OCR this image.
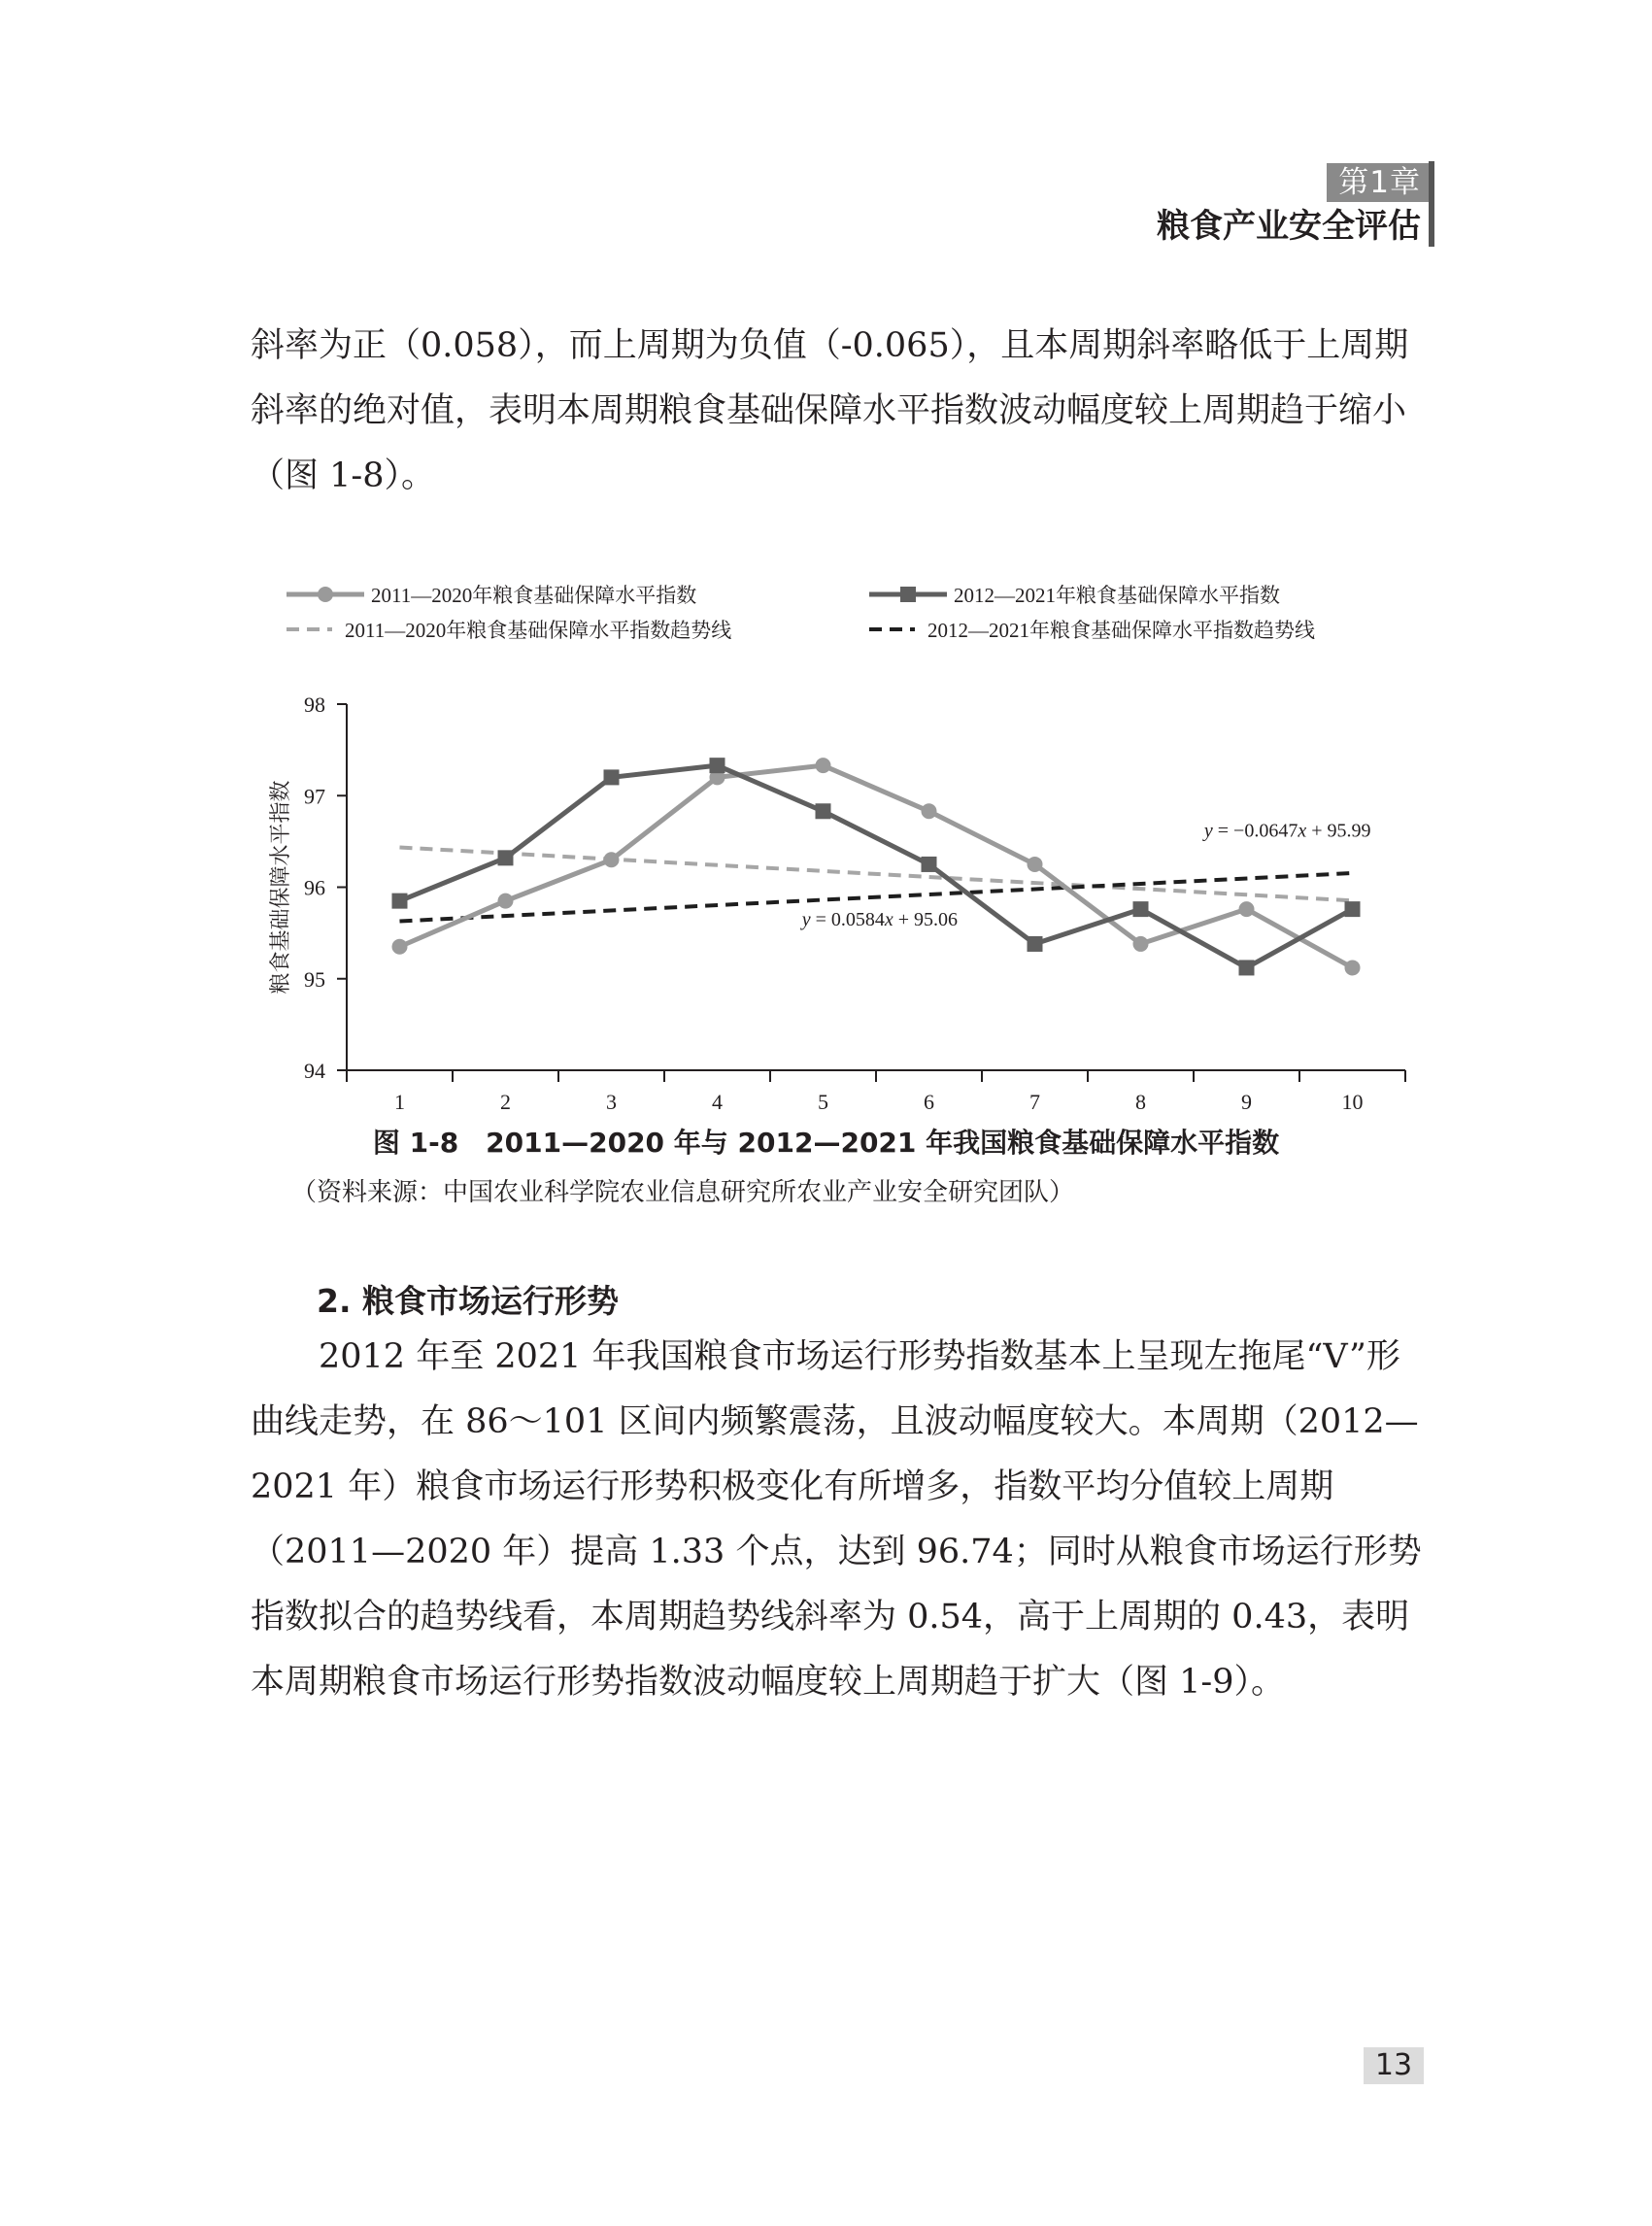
第1章
粮食产业安全评估

斜率为正（0.058），而上周期为负值（-0.065），且本周期斜率略低于上周期斜率的绝对值，表明本周期粮食基础保障水平指数波动幅度较上周期趋于缩小（图 1-8）。

94
95
96
97
98
1	2	3	4	5	6	7	8	9	10
粮食基础保障水平指数	y = −0.0647x + 95.99
y = 0.0584x + 95.06
2011—2020年粮食基础保障水平指数	2012—2021年粮食基础保障水平指数
2011—2020年粮食基础保障水平指数趋势线	2012—2021年粮食基础保障水平指数趋势线
图 1-8　2011—2020 年与 2012—2021 年我国粮食基础保障水平指数
（资料来源：中国农业科学院农业信息研究所农业产业安全研究团队）
2. 粮食市场运行形势

2012 年至 2021 年我国粮食市场运行形势指数基本上呈现左拖尾“V”形曲线走势，在 86～101 区间内频繁震荡，且波动幅度较大。本周期（2012—2021 年）粮食市场运行形势积极变化有所增多，指数平均分值较上周期（2011—2020 年）提高 1.33 个点，达到 96.74；同时从粮食市场运行形势指数拟合的趋势线看，本周期趋势线斜率为 0.54，高于上周期的 0.43，表明本周期粮食市场运行形势指数波动幅度较上周期趋于扩大（图 1-9）。

13
